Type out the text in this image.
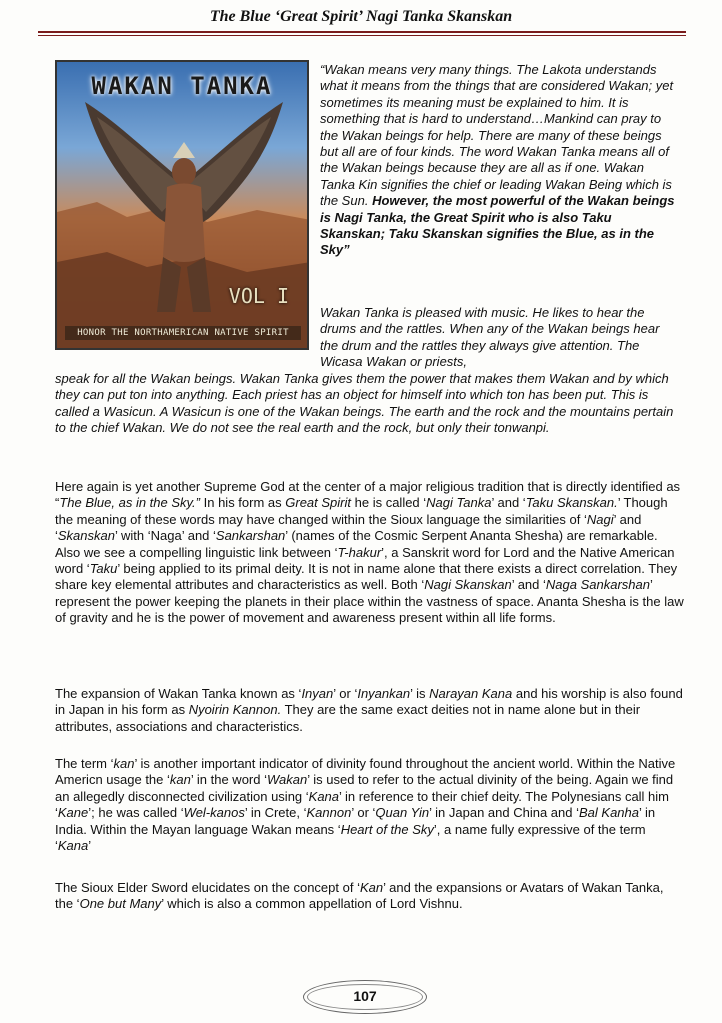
The Blue ‘Great Spirit’ Nagi Tanka Skanskan
WAKAN TANKA
VOL I
HONOR THE NORTHAMERICAN NATIVE SPIRIT
“Wakan means very many things. The Lakota understands what it means from the things that are considered Wakan; yet sometimes its meaning must be explained to him. It is something that is hard to understand…Mankind can pray to the Wakan beings for help. There are many of these beings but all are of four kinds. The word Wakan Tanka means all of the Wakan beings because they are all as if one. Wakan Tanka Kin signifies the chief or leading Wakan Being which is the Sun. However, the most powerful of the Wakan beings is Nagi Tanka, the Great Spirit who is also Taku Skanskan; Taku Skanskan signifies the Blue, as in the Sky”
Wakan Tanka is pleased with music. He likes to hear the drums and the rattles. When any of the Wakan beings hear the drum and the rattles they always give attention. The Wicasa Wakan or priests,
speak for all the Wakan beings. Wakan Tanka gives them the power that makes them Wakan and by which they can put ton into anything. Each priest has an object for himself into which ton has been put. This is called a Wasicun. A Wasicun is one of the Wakan beings. The earth and the rock and the mountains pertain to the chief Wakan. We do not see the real earth and the rock, but only their tonwanpi.
Here again is yet another Supreme God at the center of a major religious tradition that is directly identified as “The Blue, as in the Sky.” In his form as Great Spirit he is called ‘Nagi Tanka’ and ‘Taku Skanskan.’ Though the meaning of these words may have changed within the Sioux language the similarities of ‘Nagi’ and ‘Skanskan’ with ‘Naga’ and ‘Sankarshan’ (names of the Cosmic Serpent Ananta Shesha) are remarkable. Also we see a compelling linguistic link between ‘T-hakur’, a Sanskrit word for Lord and the Native American word ‘Taku’ being applied to its primal deity. It is not in name alone that there exists a direct correlation. They share key elemental attributes and characteristics as well. Both ‘Nagi Skanskan’ and ‘Naga Sankarshan’ represent the power keeping the planets in their place within the vastness of space. Ananta Shesha is the law of gravity and he is the power of movement and awareness present within all life forms.
The expansion of Wakan Tanka known as ‘Inyan’ or ‘Inyankan’ is Narayan Kana and his worship is also found in Japan in his form as Nyoirin Kannon. They are the same exact deities not in name alone but in their attributes, associations and characteristics.
The term ‘kan’ is another important indicator of divinity found throughout the ancient world. Within the Native Americn usage the ‘kan’ in the word ‘Wakan’ is used to refer to the actual divinity of the being. Again we find an allegedly disconnected civilization using ‘Kana’ in reference to their chief deity. The Polynesians call him ‘Kane’; he was called ‘Wel-kanos’ in Crete, ‘Kannon’ or ‘Quan Yin’ in Japan and China and ‘Bal Kanha’ in India. Within the Mayan language Wakan means ‘Heart of the Sky’, a name fully expressive of the term ‘Kana’
The Sioux Elder Sword elucidates on the concept of ‘Kan’ and the expansions or Avatars of Wakan Tanka, the ‘One but Many’ which is also a common appellation of Lord Vishnu.
107
